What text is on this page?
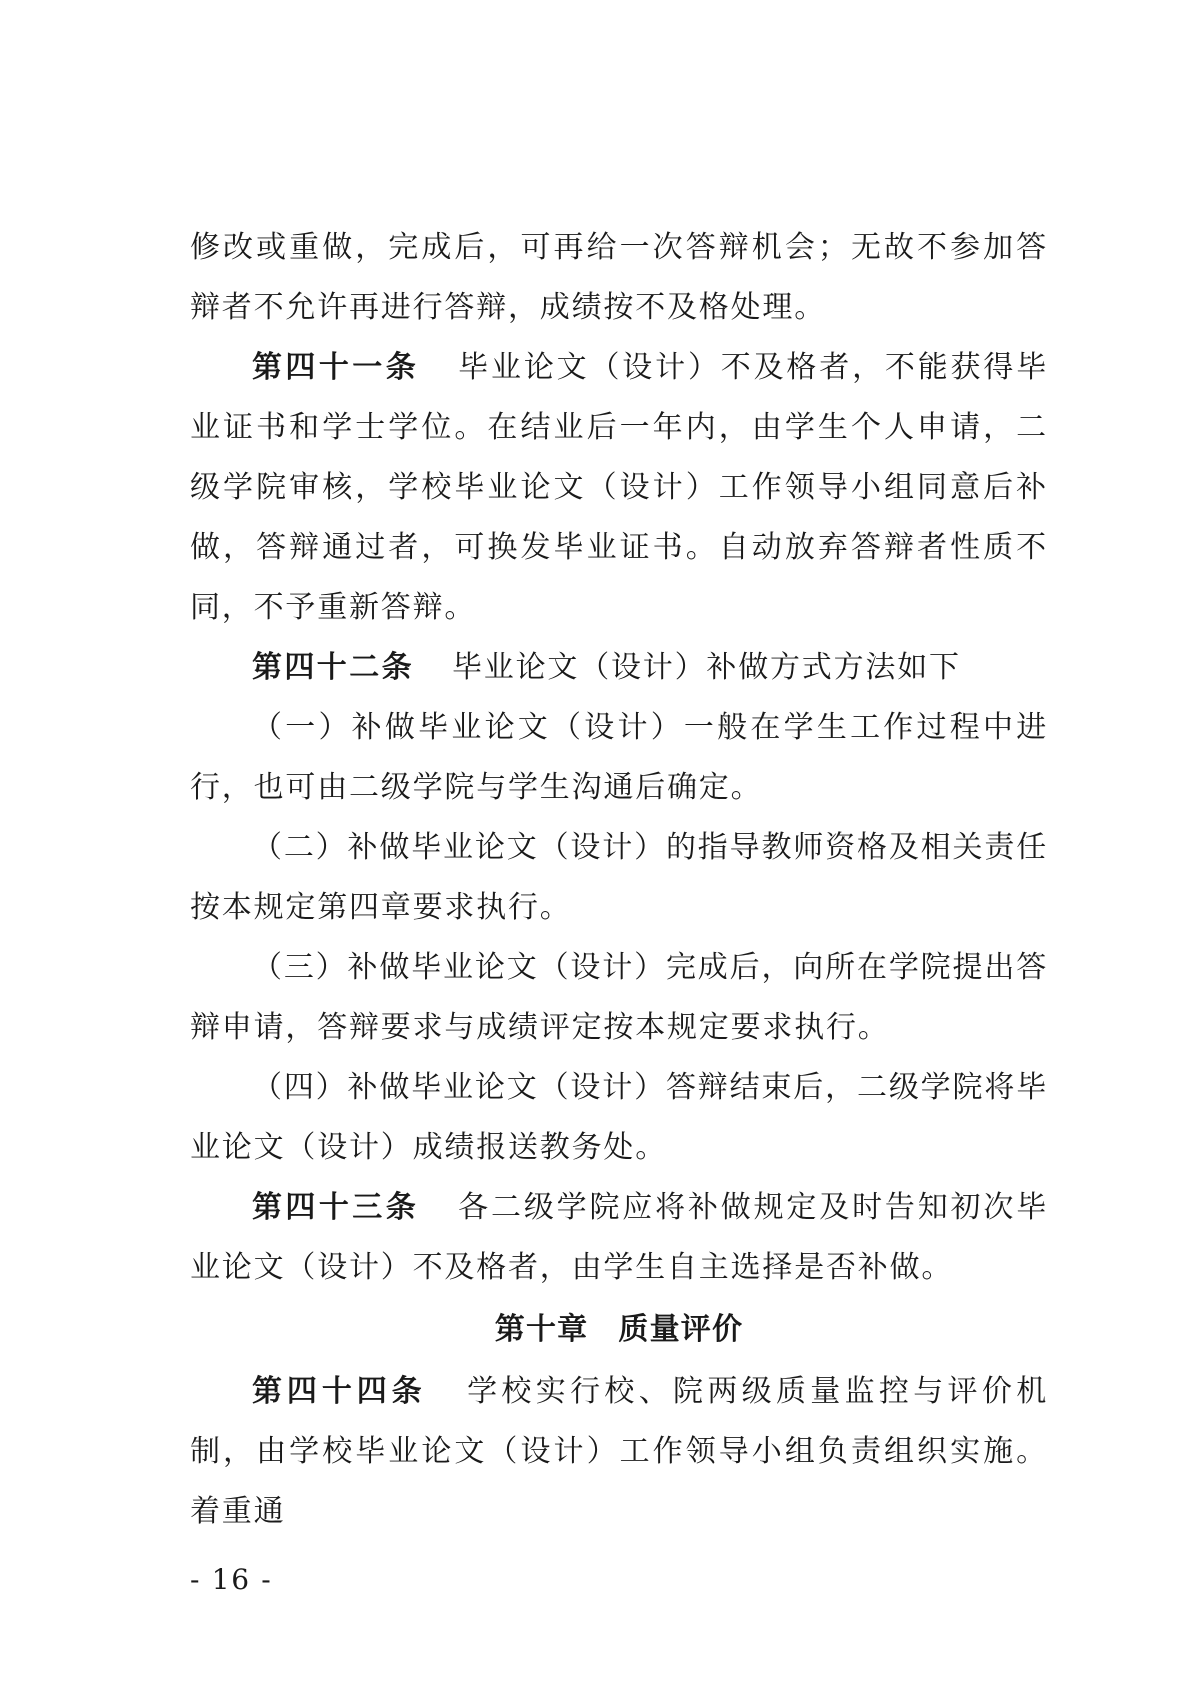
修改或重做，完成后，可再给一次答辩机会；无故不参加答辩者不允许再进行答辩，成绩按不及格处理。

第四十一条 毕业论文（设计）不及格者，不能获得毕业证书和学士学位。在结业后一年内，由学生个人申请，二级学院审核，学校毕业论文（设计）工作领导小组同意后补做，答辩通过者，可换发毕业证书。自动放弃答辩者性质不同，不予重新答辩。

第四十二条 毕业论文（设计）补做方式方法如下

（一）补做毕业论文（设计）一般在学生工作过程中进行，也可由二级学院与学生沟通后确定。

（二）补做毕业论文（设计）的指导教师资格及相关责任按本规定第四章要求执行。

（三）补做毕业论文（设计）完成后，向所在学院提出答辩申请，答辩要求与成绩评定按本规定要求执行。

（四）补做毕业论文（设计）答辩结束后，二级学院将毕业论文（设计）成绩报送教务处。

第四十三条 各二级学院应将补做规定及时告知初次毕业论文（设计）不及格者，由学生自主选择是否补做。

第十章 质量评价

第四十四条 学校实行校、院两级质量监控与评价机制，由学校毕业论文（设计）工作领导小组负责组织实施。着重通

- 16 -
